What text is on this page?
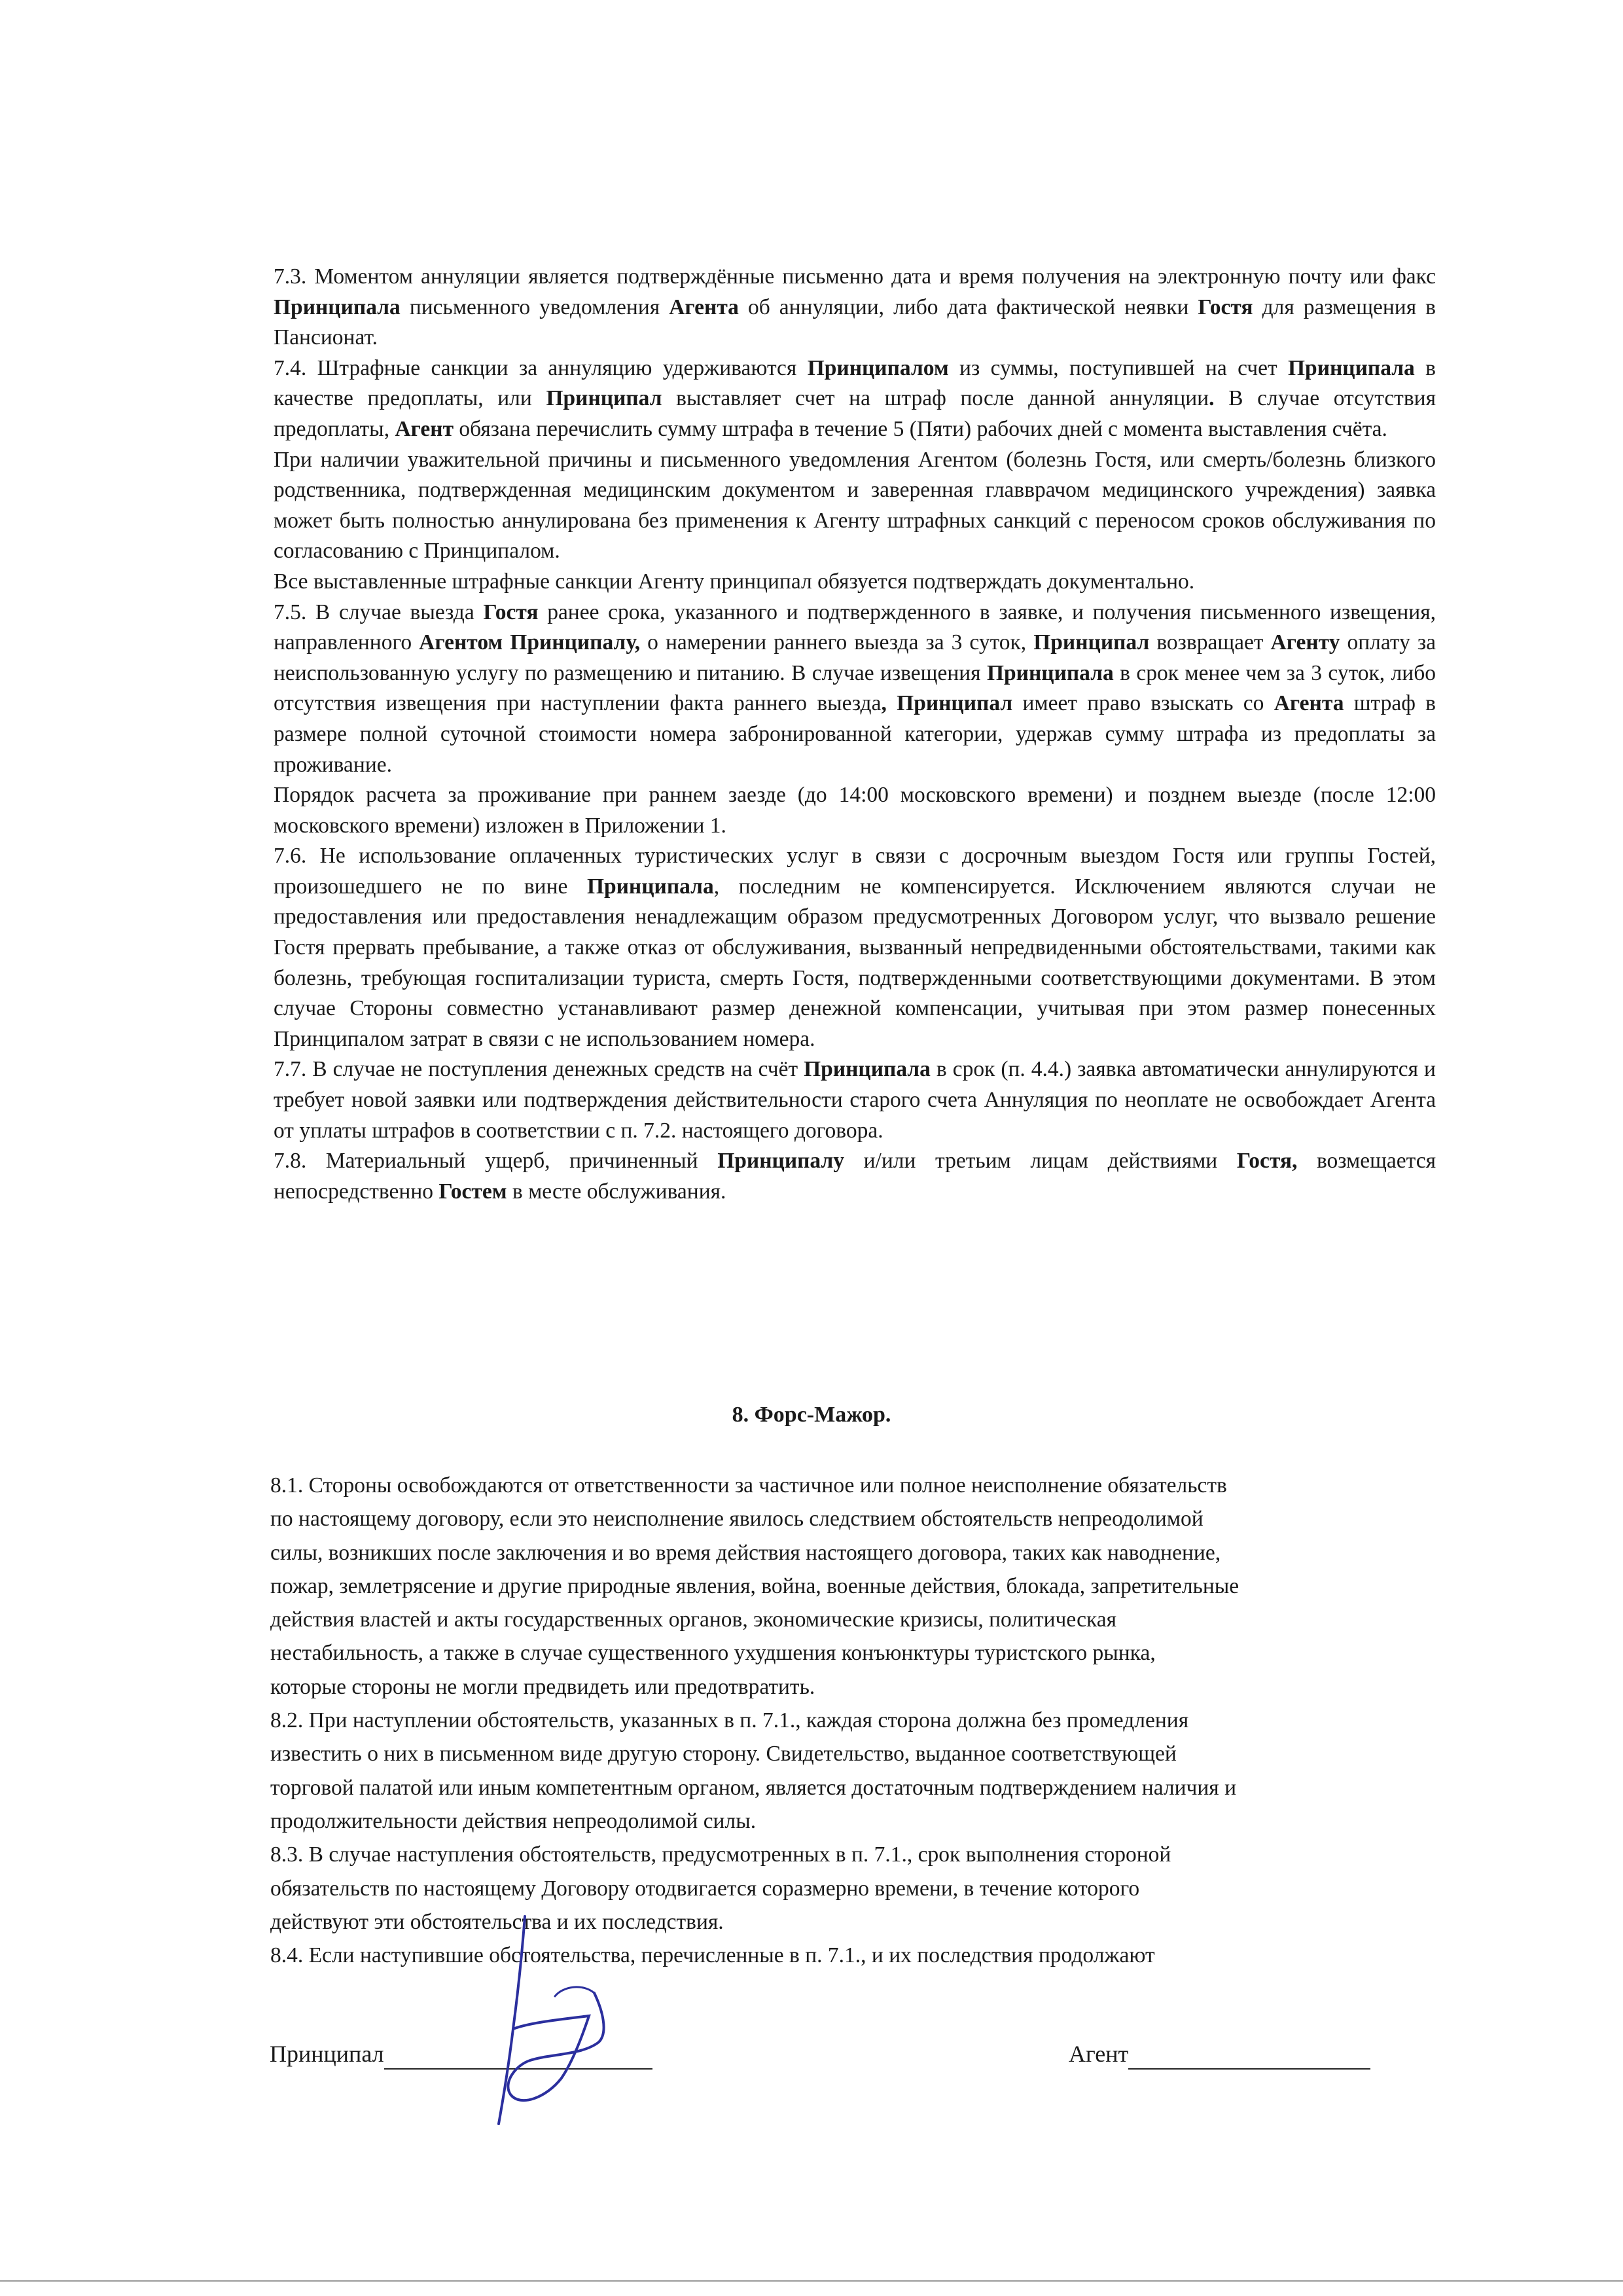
7.3. Моментом аннуляции является подтверждённые письменно дата и время получения на электронную почту или факс Принципала письменного уведомления Агента об аннуляции, либо дата фактической неявки Гостя для размещения в Пансионат.

7.4. Штрафные санкции за аннуляцию удерживаются Принципалом из суммы, поступившей на счет Принципала в качестве предоплаты, или Принципал выставляет счет на штраф после данной аннуляции. В случае отсутствия предоплаты, Агент обязана перечислить сумму штрафа в течение 5 (Пяти) рабочих дней с момента выставления счёта.

При наличии уважительной причины и письменного уведомления Агентом (болезнь Гостя, или смерть/болезнь близкого родственника, подтвержденная медицинским документом и заверенная главврачом медицинского учреждения) заявка может быть полностью аннулирована без применения к Агенту штрафных санкций с переносом сроков обслуживания по согласованию с Принципалом.

Все выставленные штрафные санкции Агенту принципал обязуется подтверждать документально.

7.5. В случае выезда Гостя ранее срока, указанного и подтвержденного в заявке, и получения письменного извещения, направленного Агентом Принципалу, о намерении раннего выезда за 3 суток, Принципал возвращает Агенту оплату за неиспользованную услугу по размещению и питанию. В случае извещения Принципала в срок менее чем за 3 суток, либо отсутствия извещения при наступлении факта раннего выезда, Принципал имеет право взыскать со Агента штраф в размере полной суточной стоимости номера забронированной категории, удержав сумму штрафа из предоплаты за проживание.

Порядок расчета за проживание при раннем заезде (до 14:00 московского времени) и позднем выезде (после 12:00 московского времени) изложен в Приложении 1.

7.6. Не использование оплаченных туристических услуг в связи с досрочным выездом Гостя или группы Гостей, произошедшего не по вине Принципала, последним не компенсируется. Исключением являются случаи не предоставления или предоставления ненадлежащим образом предусмотренных Договором услуг, что вызвало решение Гостя прервать пребывание, а также отказ от обслуживания, вызванный непредвиденными обстоятельствами, такими как болезнь, требующая госпитализации туриста, смерть Гостя, подтвержденными соответствующими документами. В этом случае Стороны совместно устанавливают размер денежной компенсации, учитывая при этом размер понесенных Принципалом затрат в связи с не использованием номера.

7.7. В случае не поступления денежных средств на счёт Принципала в срок (п. 4.4.) заявка автоматически аннулируются и требует новой заявки или подтверждения действительности старого счета Аннуляция по неоплате не освобождает Агента от уплаты штрафов в соответствии с п. 7.2. настоящего договора.

7.8. Материальный ущерб, причиненный Принципалу и/или третьим лицам действиями Гостя, возмещается непосредственно Гостем в месте обслуживания.

8. Форс-Мажор.

8.1. Стороны освобождаются от ответственности за частичное или полное неисполнение обязательств
по настоящему договору, если это неисполнение явилось следствием обстоятельств непреодолимой
силы, возникших после заключения и во время действия настоящего договора, таких как наводнение,
пожар, землетрясение и другие природные явления, война, военные действия, блокада, запретительные
действия властей и акты государственных органов, экономические кризисы, политическая
нестабильность, а также в случае существенного ухудшения конъюнктуры туристского рынка,
которые стороны не могли предвидеть или предотвратить.

8.2. При наступлении обстоятельств, указанных в п. 7.1., каждая сторона должна без промедления
известить о них в письменном виде другую сторону. Свидетельство, выданное соответствующей
торговой палатой или иным компетентным органом, является достаточным подтверждением наличия и
продолжительности действия непреодолимой силы.

8.3. В случае наступления обстоятельств, предусмотренных в п. 7.1., срок выполнения стороной
обязательств по настоящему Договору отодвигается соразмерно времени, в течение которого
действуют эти обстоятельства и их последствия.

8.4. Если наступившие обстоятельства, перечисленные в п. 7.1., и их последствия продолжают

Принципал	Агент
